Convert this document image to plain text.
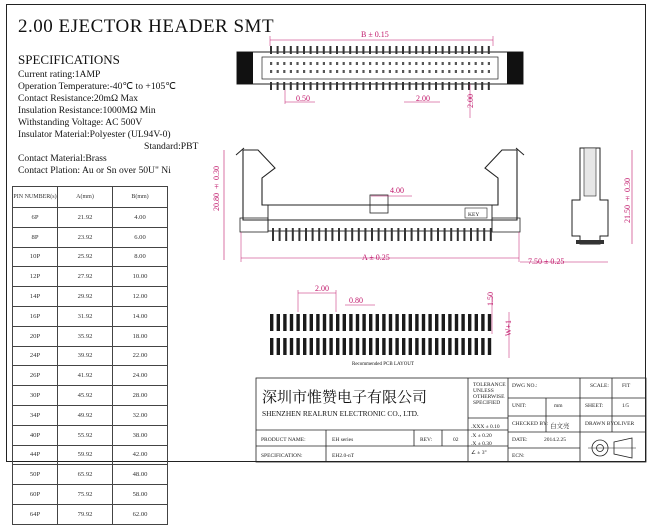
2.00 EJECTOR HEADER SMT
SPECIFICATIONS
Current rating:1AMP
Operation Temperature:-40℃ to +105℃
Contact Resistance:20mΩ Max
Insulation Resistance:1000MΩ Min
Withstanding Voltage: AC 500V
Insulator Material:Polyester (UL94V-0)
Standard:PBT
Contact Material:Brass
Contact Plation: Au or Sn over 50U" Ni
PIN NUMBER(s)	A(mm)	B(mm)
6P	21.92	4.00
8P	23.92	6.00
10P	25.92	8.00
12P	27.92	10.00
14P	29.92	12.00
16P	31.92	14.00
20P	35.92	18.00
24P	39.92	22.00
26P	41.92	24.00
30P	45.92	28.00
34P	49.92	32.00
40P	55.92	38.00
44P	59.92	42.00
50P	65.92	48.00
60P	75.92	58.00
64P	79.92	62.00
B ± 0.15
0.50	2.00	2.00
20.80 ± 0.30	4.00
A ± 0.25
21.50 ± 0.30
7.50 ± 0.25
2.00
0.80	1.50
W+1
KEY
Recommended PCB LAYOUT
深圳市惟赞电子有限公司
SHENZHEN REALRUN ELECTRONIC CO., LTD.
TOLERANCE
UNLESS
OTHERWISE
SPECIFIED
.XXX ± 0.10
.X ± 0.20
.X ± 0.30
∠ ± 3°
DWG NO.:
UNIT:	mm	SHEET:	1/5
SCALE: FIT
CHECKED BY: 白文亮	DRAWN BY:
OLIVER
DATE:	2014.2.25
ECN:
PRODUCT NAME:	EH series	REV:	02
SPECIFICATION:	EH2.0-nT
